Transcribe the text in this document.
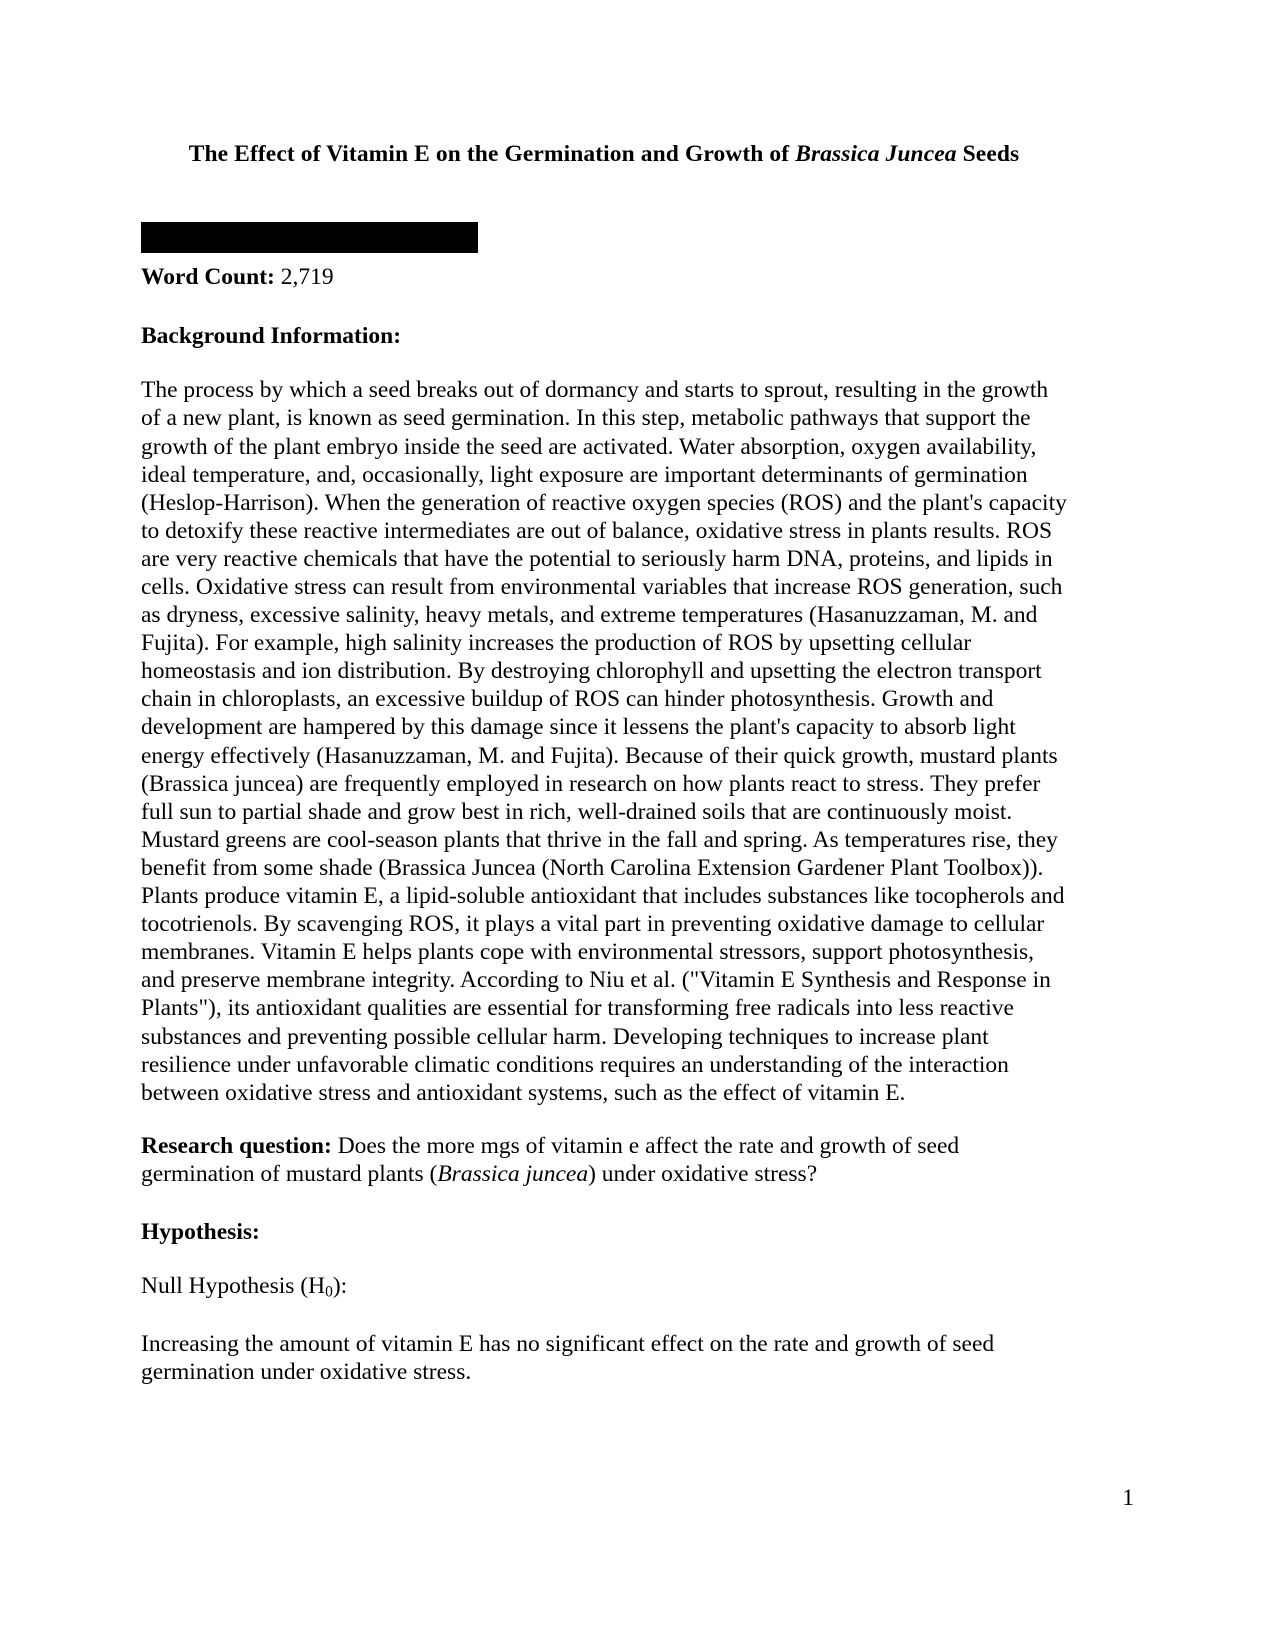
The Effect of Vitamin E on the Germination and Growth of Brassica Juncea Seeds
Word Count: 2,719
Background Information:

The process by which a seed breaks out of dormancy and starts to sprout, resulting in the growth of a new plant, is known as seed germination. In this step, metabolic pathways that support the growth of the plant embryo inside the seed are activated. Water absorption, oxygen availability, ideal temperature, and, occasionally, light exposure are important determinants of germination (Heslop-Harrison). When the generation of reactive oxygen species (ROS) and the plant's capacity to detoxify these reactive intermediates are out of balance, oxidative stress in plants results. ROS are very reactive chemicals that have the potential to seriously harm DNA, proteins, and lipids in cells. Oxidative stress can result from environmental variables that increase ROS generation, such as dryness, excessive salinity, heavy metals, and extreme temperatures (Hasanuzzaman, M. and Fujita). For example, high salinity increases the production of ROS by upsetting cellular homeostasis and ion distribution. By destroying chlorophyll and upsetting the electron transport chain in chloroplasts, an excessive buildup of ROS can hinder photosynthesis. Growth and development are hampered by this damage since it lessens the plant's capacity to absorb light energy effectively (Hasanuzzaman, M. and Fujita). Because of their quick growth, mustard plants (Brassica juncea) are frequently employed in research on how plants react to stress. They prefer full sun to partial shade and grow best in rich, well-drained soils that are continuously moist. Mustard greens are cool-season plants that thrive in the fall and spring. As temperatures rise, they benefit from some shade (Brassica Juncea (North Carolina Extension Gardener Plant Toolbox)). Plants produce vitamin E, a lipid-soluble antioxidant that includes substances like tocopherols and tocotrienols. By scavenging ROS, it plays a vital part in preventing oxidative damage to cellular membranes. Vitamin E helps plants cope with environmental stressors, support photosynthesis, and preserve membrane integrity. According to Niu et al. ("Vitamin E Synthesis and Response in Plants"), its antioxidant qualities are essential for transforming free radicals into less reactive substances and preventing possible cellular harm. Developing techniques to increase plant resilience under unfavorable climatic conditions requires an understanding of the interaction between oxidative stress and antioxidant systems, such as the effect of vitamin E.

Research question: Does the more mgs of vitamin e affect the rate and growth of seed germination of mustard plants (Brassica juncea) under oxidative stress?

Hypothesis:

Null Hypothesis $(H_0)$:

Increasing the amount of vitamin E has no significant effect on the rate and growth of seed germination under oxidative stress.

1
